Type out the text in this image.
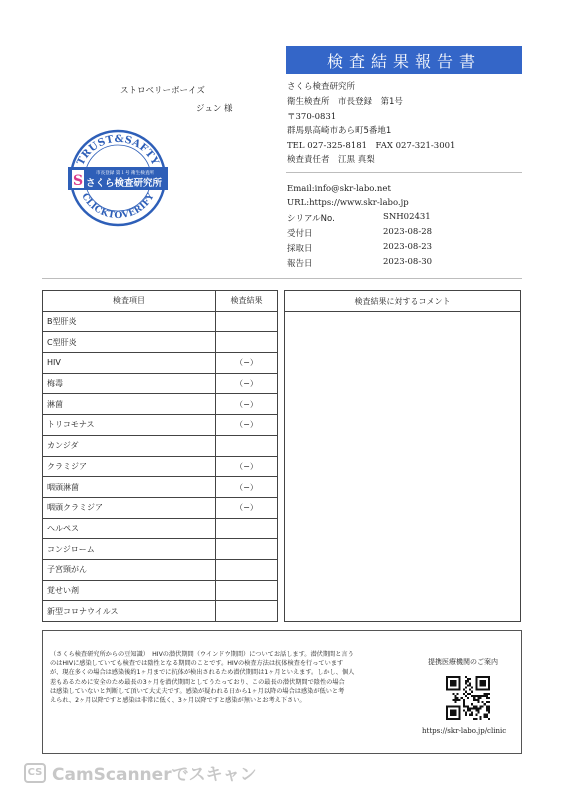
検査結果報告書
ストロベリーボーイズ
ジュン 様
TRUST&SAFTY
CLICKTOVERIFY
市長登録 第１号 衛生検査所
S さくら検査研究所
さくら検査研究所
衛生検査所　市長登録　第1号
〒370-0831
群馬県高崎市あら町5番地1
TEL 027-325-8181　FAX 027-321-3001
検査責任者　江黒 真梨
Email:info@skr-labo.net
URL:https://www.skr-labo.jp
シリアルNo.	SNH02431
受付日	2023-08-28
採取日	2023-08-23
報告日	2023-08-30
検査項目	検査結果
B型肝炎	
C型肝炎	
HIV	（−）
梅毒	（−）
淋菌	（−）
トリコモナス	（−）
カンジダ	
クラミジア	（−）
咽頭淋菌	（−）
咽頭クラミジア	（−）
ヘルペス	
コンジローム	
子宮頸がん	
覚せい剤	
新型コロナウイルス	
検査結果に対するコメント
（さくら検査研究所からの豆知識）　HIVの潜伏期間（ウインドウ期間）についてお話します。潜伏期間と言う
のはHIVに感染していても検査では陰性となる期間のことです。HIVの検査方法は抗体検査を行っています
が、現在多くの場合は感染後約1ヶ月までに抗体が検出されるため潜伏期間は1ヶ月といえます。しかし、個人
差もあるために安全のため最長の3ヶ月を潜伏期間としてうたっており、この最長の潜伏期間で陰性の場合
は感染していないと判断して頂いて大丈夫です。感染が疑われる日から1ヶ月以降の場合は感染が低いと考
えられ、2ヶ月以降ですと感染は非常に低く、3ヶ月以降ですと感染が無いとお考え下さい。
提携医療機関のご案内
https://skr-labo.jp/clinic
CS CamScannerでスキャン
